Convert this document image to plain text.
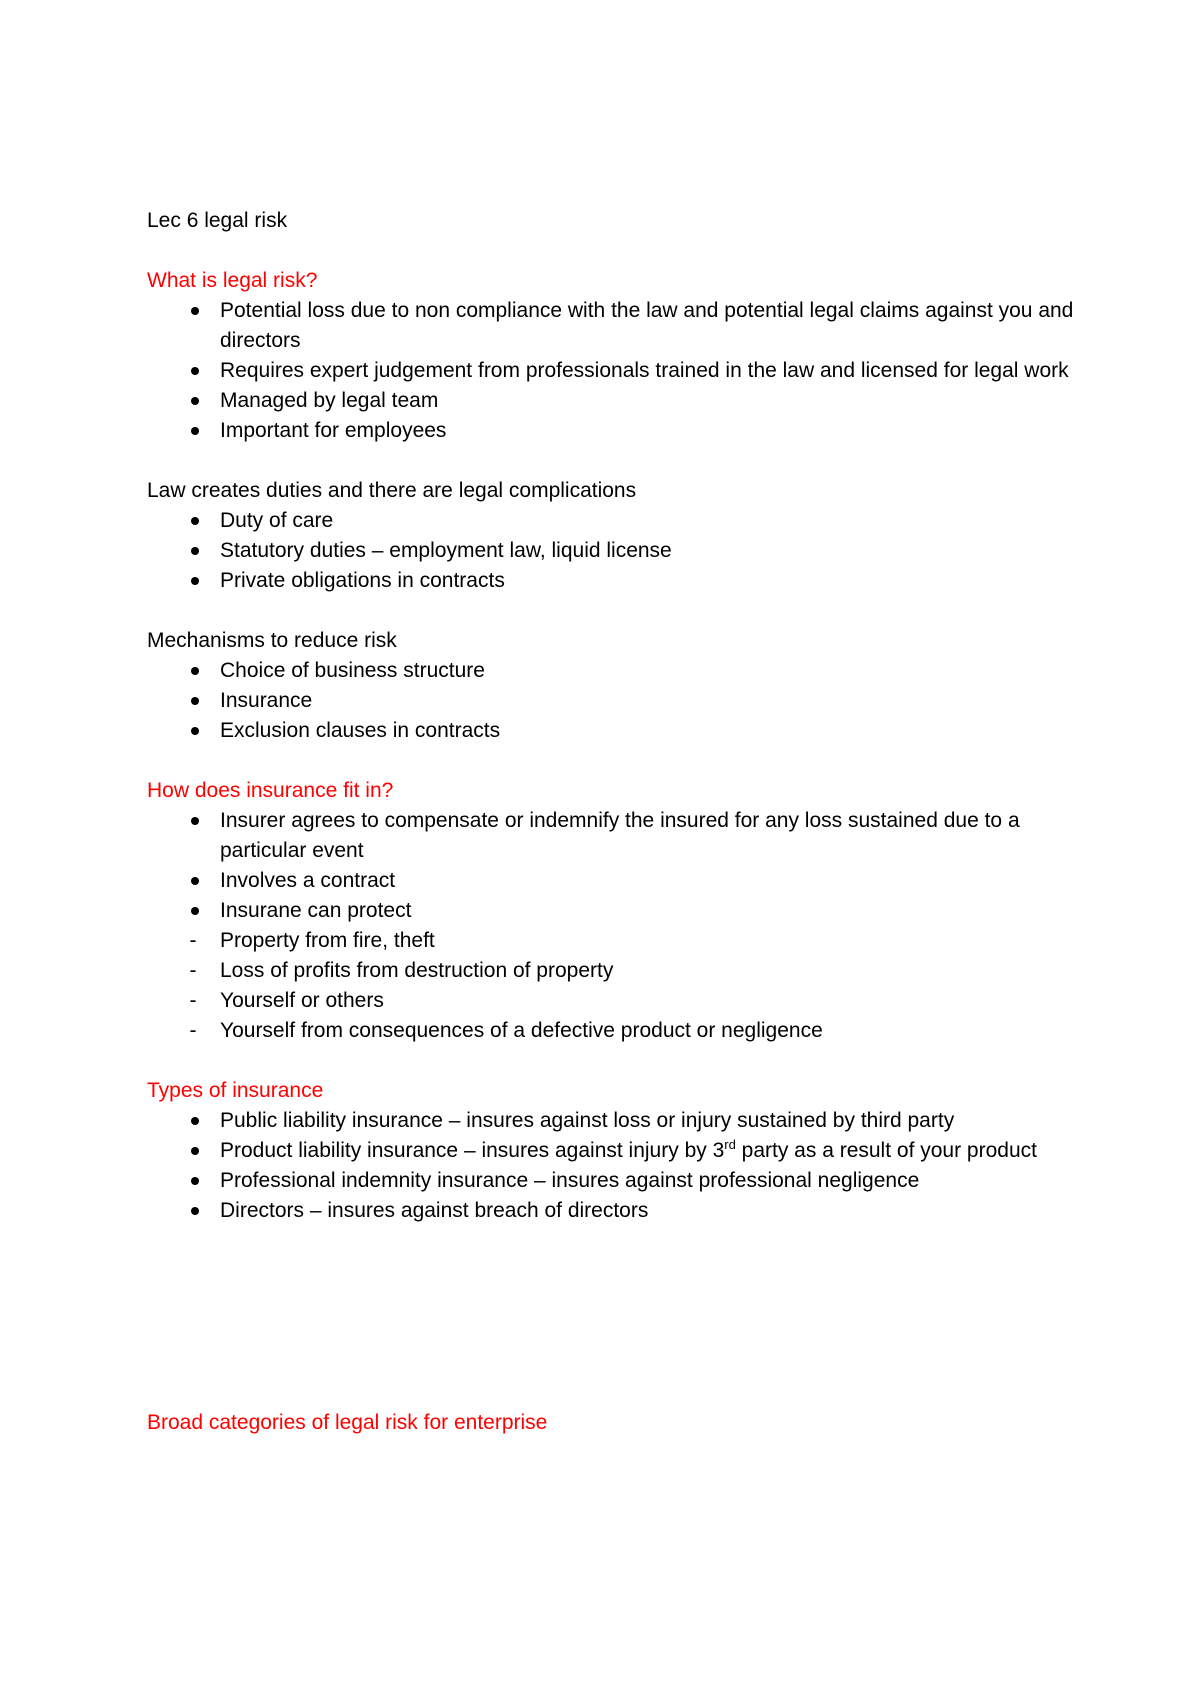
Lec 6 legal risk
What is legal risk?
Potential loss due to non compliance with the law and potential legal claims against you and directors
Requires expert judgement from professionals trained in the law and licensed for legal work
Managed by legal team
Important for employees
Law creates duties and there are legal complications
Duty of care
Statutory duties – employment law, liquid license
Private obligations in contracts
Mechanisms to reduce risk
Choice of business structure
Insurance
Exclusion clauses in contracts
How does insurance fit in?
Insurer agrees to compensate or indemnify the insured for any loss sustained due to a particular event
Involves a contract
Insurane can protect
-	Property from fire, theft
-	Loss of profits from destruction of property
-	Yourself or others
-	Yourself from consequences of a defective product or negligence
Types of insurance
Public liability insurance – insures against loss or injury sustained by third party
Product liability insurance – insures against injury by 3rd party as a result of your product
Professional indemnity insurance – insures against professional negligence
Directors – insures against breach of directors
Broad categories of legal risk for enterprise
